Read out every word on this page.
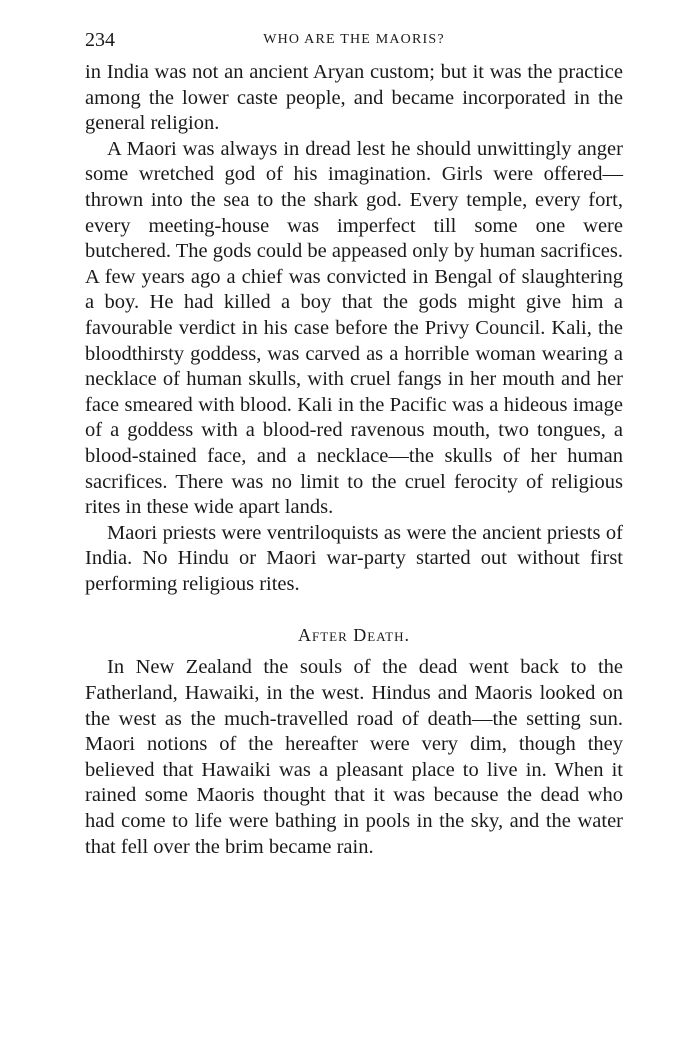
234	WHO ARE THE MAORIS?

in India was not an ancient Aryan custom; but it was the practice among the lower caste people, and became incorporated in the general religion.

A Maori was always in dread lest he should unwittingly anger some wretched god of his imagination. Girls were offered—thrown into the sea to the shark god. Every temple, every fort, every meeting-house was imperfect till some one were butchered. The gods could be appeased only by human sacrifices. A few years ago a chief was convicted in Bengal of slaughtering a boy. He had killed a boy that the gods might give him a favourable verdict in his case before the Privy Council. Kali, the bloodthirsty goddess, was carved as a horrible woman wearing a necklace of human skulls, with cruel fangs in her mouth and her face smeared with blood. Kali in the Pacific was a hideous image of a goddess with a blood-red ravenous mouth, two tongues, a blood-stained face, and a necklace—the skulls of her human sacrifices. There was no limit to the cruel ferocity of religious rites in these wide apart lands.

Maori priests were ventriloquists as were the ancient priests of India. No Hindu or Maori war-party started out without first performing religious rites.

After Death.

In New Zealand the souls of the dead went back to the Fatherland, Hawaiki, in the west. Hindus and Maoris looked on the west as the much-travelled road of death—the setting sun. Maori notions of the hereafter were very dim, though they believed that Hawaiki was a pleasant place to live in. When it rained some Maoris thought that it was because the dead who had come to life were bathing in pools in the sky, and the water that fell over the brim became rain.
